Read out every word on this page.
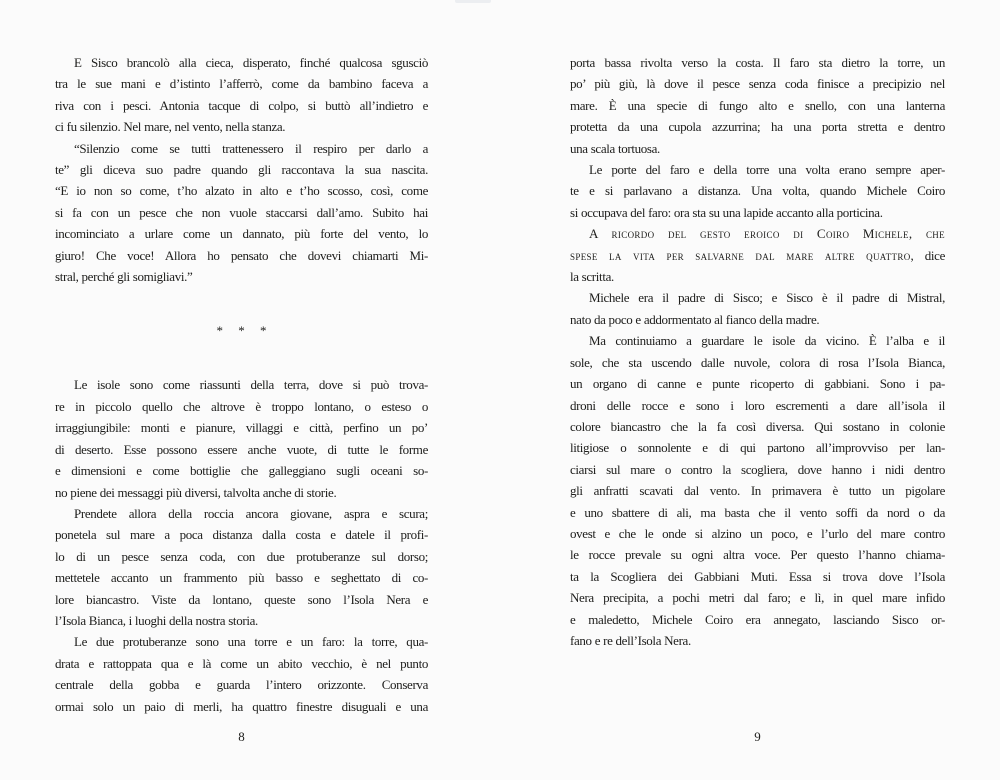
E Sisco brancolò alla cieca, disperato, finché qualcosa sgusciò
tra le sue mani e d’istinto l’afferrò, come da bambino faceva a
riva con i pesci. Antonia tacque di colpo, si buttò all’indietro e
ci fu silenzio. Nel mare, nel vento, nella stanza.
“Silenzio come se tutti trattenessero il respiro per darlo a
te” gli diceva suo padre quando gli raccontava la sua nascita.
“E io non so come, t’ho alzato in alto e t’ho scosso, così, come
si fa con un pesce che non vuole staccarsi dall’amo. Subito hai
incominciato a urlare come un dannato, più forte del vento, lo
giuro! Che voce! Allora ho pensato che dovevi chiamarti Mi-
stral, perché gli somigliavi.”
* * *
Le isole sono come riassunti della terra, dove si può trova-
re in piccolo quello che altrove è troppo lontano, o esteso o
irraggiungibile: monti e pianure, villaggi e città, perfino un po’
di deserto. Esse possono essere anche vuote, di tutte le forme
e dimensioni e come bottiglie che galleggiano sugli oceani so-
no piene dei messaggi più diversi, talvolta anche di storie.
Prendete allora della roccia ancora giovane, aspra e scura;
ponetela sul mare a poca distanza dalla costa e datele il profi-
lo di un pesce senza coda, con due protuberanze sul dorso;
mettetele accanto un frammento più basso e seghettato di co-
lore biancastro. Viste da lontano, queste sono l’Isola Nera e
l’Isola Bianca, i luoghi della nostra storia.
Le due protuberanze sono una torre e un faro: la torre, qua-
drata e rattoppata qua e là come un abito vecchio, è nel punto
centrale della gobba e guarda l’intero orizzonte. Conserva
ormai solo un paio di merli, ha quattro finestre disuguali e una
8
porta bassa rivolta verso la costa. Il faro sta dietro la torre, un
po’ più giù, là dove il pesce senza coda finisce a precipizio nel
mare. È una specie di fungo alto e snello, con una lanterna
protetta da una cupola azzurrina; ha una porta stretta e dentro
una scala tortuosa.
Le porte del faro e della torre una volta erano sempre aper-
te e si parlavano a distanza. Una volta, quando Michele Coiro
si occupava del faro: ora sta su una lapide accanto alla porticina.
A ricordo del gesto eroico di Coiro Michele, che
spese la vita per salvarne dal mare altre quattro, dice
la scritta.
Michele era il padre di Sisco; e Sisco è il padre di Mistral,
nato da poco e addormentato al fianco della madre.
Ma continuiamo a guardare le isole da vicino. È l’alba e il
sole, che sta uscendo dalle nuvole, colora di rosa l’Isola Bianca,
un organo di canne e punte ricoperto di gabbiani. Sono i pa-
droni delle rocce e sono i loro escrementi a dare all’isola il
colore biancastro che la fa così diversa. Qui sostano in colonie
litigiose o sonnolente e di qui partono all’improvviso per lan-
ciarsi sul mare o contro la scogliera, dove hanno i nidi dentro
gli anfratti scavati dal vento. In primavera è tutto un pigolare
e uno sbattere di ali, ma basta che il vento soffi da nord o da
ovest e che le onde si alzino un poco, e l’urlo del mare contro
le rocce prevale su ogni altra voce. Per questo l’hanno chiama-
ta la Scogliera dei Gabbiani Muti. Essa si trova dove l’Isola
Nera precipita, a pochi metri dal faro; e lì, in quel mare infido
e maledetto, Michele Coiro era annegato, lasciando Sisco or-
fano e re dell’Isola Nera.
9
